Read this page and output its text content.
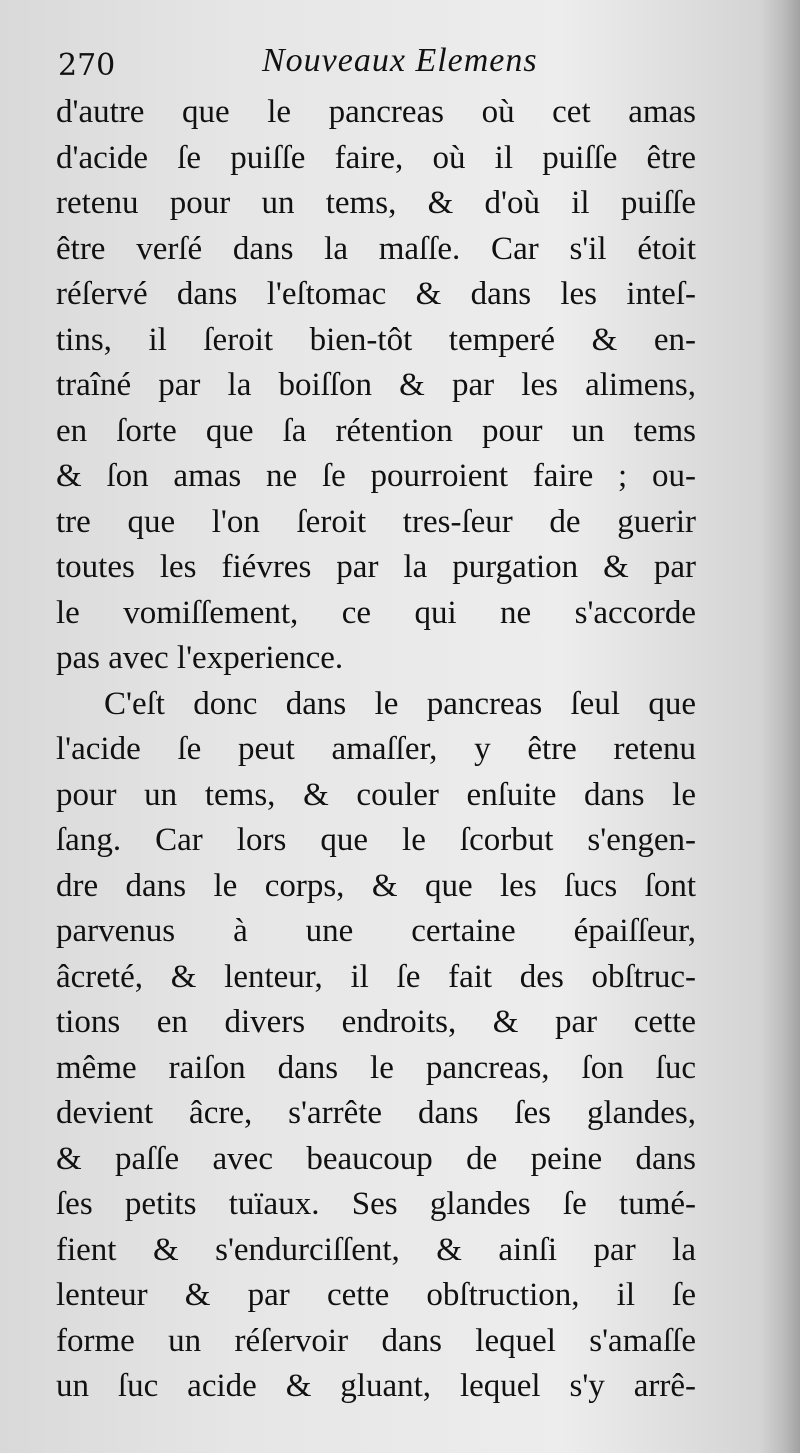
270	Nouveaux Elemens
d'autre que le pancreas où cet amas
d'acide ſe puiſſe faire, où il puiſſe être
retenu pour un tems, & d'où il puiſſe
être verſé dans la maſſe. Car s'il étoit
réſervé dans l'eſtomac & dans les inteſ-
tins, il ſeroit bien-tôt temperé & en-
traîné par la boiſſon & par les alimens,
en ſorte que ſa rétention pour un tems
& ſon amas ne ſe pourroient faire ; ou-
tre que l'on ſeroit tres-ſeur de guerir
toutes les fiévres par la purgation & par
le vomiſſement, ce qui ne s'accorde
pas avec l'experience.
C'eſt donc dans le pancreas ſeul que
l'acide ſe peut amaſſer, y être retenu
pour un tems, & couler enſuite dans le
ſang. Car lors que le ſcorbut s'engen-
dre dans le corps, & que les ſucs ſont
parvenus à une certaine épaiſſeur,
âcreté, & lenteur, il ſe fait des obſtruc-
tions en divers endroits, & par cette
même raiſon dans le pancreas, ſon ſuc
devient âcre, s'arrête dans ſes glandes,
& paſſe avec beaucoup de peine dans
ſes petits tuïaux. Ses glandes ſe tumé-
fient & s'endurciſſent, & ainſi par la
lenteur & par cette obſtruction, il ſe
forme un réſervoir dans lequel s'amaſſe
un ſuc acide & gluant, lequel s'y arrê-
